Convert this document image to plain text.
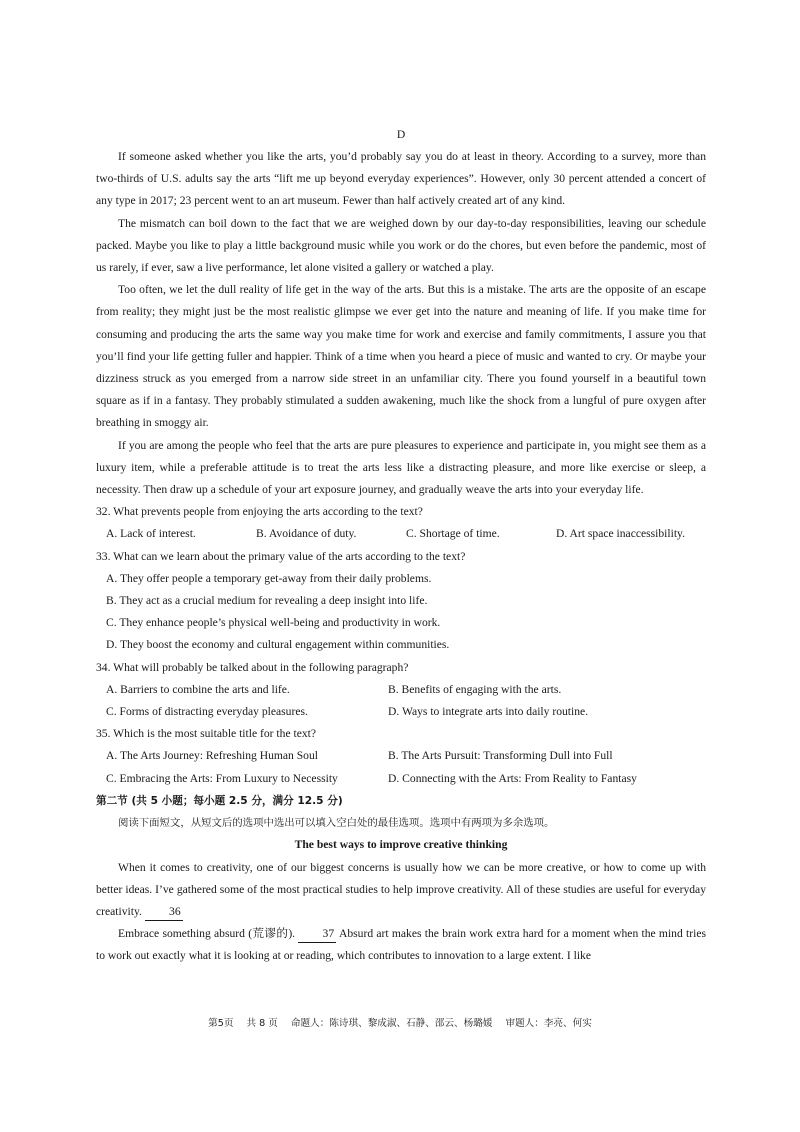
D

If someone asked whether you like the arts, you’d probably say you do at least in theory. According to a survey, more than two-thirds of U.S. adults say the arts “lift me up beyond everyday experiences”. However, only 30 percent attended a concert of any type in 2017; 23 percent went to an art museum. Fewer than half actively created art of any kind.

The mismatch can boil down to the fact that we are weighed down by our day-to-day responsibilities, leaving our schedule packed. Maybe you like to play a little background music while you work or do the chores, but even before the pandemic, most of us rarely, if ever, saw a live performance, let alone visited a gallery or watched a play.

Too often, we let the dull reality of life get in the way of the arts. But this is a mistake. The arts are the opposite of an escape from reality; they might just be the most realistic glimpse we ever get into the nature and meaning of life. If you make time for consuming and producing the arts the same way you make time for work and exercise and family commitments, I assure you that you’ll find your life getting fuller and happier. Think of a time when you heard a piece of music and wanted to cry. Or maybe your dizziness struck as you emerged from a narrow side street in an unfamiliar city. There you found yourself in a beautiful town square as if in a fantasy. They probably stimulated a sudden awakening, much like the shock from a lungful of pure oxygen after breathing in smoggy air.

If you are among the people who feel that the arts are pure pleasures to experience and participate in, you might see them as a luxury item, while a preferable attitude is to treat the arts less like a distracting pleasure, and more like exercise or sleep, a necessity. Then draw up a schedule of your art exposure journey, and gradually weave the arts into your everyday life.

32. What prevents people from enjoying the arts according to the text?

A. Lack of interest.	B. Avoidance of duty.	C. Shortage of time.	D. Art space inaccessibility.

33. What can we learn about the primary value of the arts according to the text?

A. They offer people a temporary get-away from their daily problems.

B. They act as a crucial medium for revealing a deep insight into life.

C. They enhance people’s physical well-being and productivity in work.

D. They boost the economy and cultural engagement within communities.

34. What will probably be talked about in the following paragraph?

A. Barriers to combine the arts and life.	B. Benefits of engaging with the arts.
C. Forms of distracting everyday pleasures.	D. Ways to integrate arts into daily routine.

35. Which is the most suitable title for the text?

A. The Arts Journey: Refreshing Human Soul	B. The Arts Pursuit: Transforming Dull into Full
C. Embracing the Arts: From Luxury to Necessity	D. Connecting with the Arts: From Reality to Fantasy

第二节 (共 5 小题；每小题 2.5 分，满分 12.5 分)

阅读下面短文，从短文后的选项中选出可以填入空白处的最佳选项。选项中有两项为多余选项。

The best ways to improve creative thinking

When it comes to creativity, one of our biggest concerns is usually how we can be more creative, or how to come up with better ideas. I’ve gathered some of the most practical studies to help improve creativity. All of these studies are useful for everyday creativity. 36

Embrace something absurd (荒谬的). 37 Absurd art makes the brain work extra hard for a moment when the mind tries to work out exactly what it is looking at or reading, which contributes to innovation to a large extent. I like

第5页 共 8 页 命题人：陈诗琪、黎成淑、石静、邵云、杨璐媛 审题人：李亮、何实
